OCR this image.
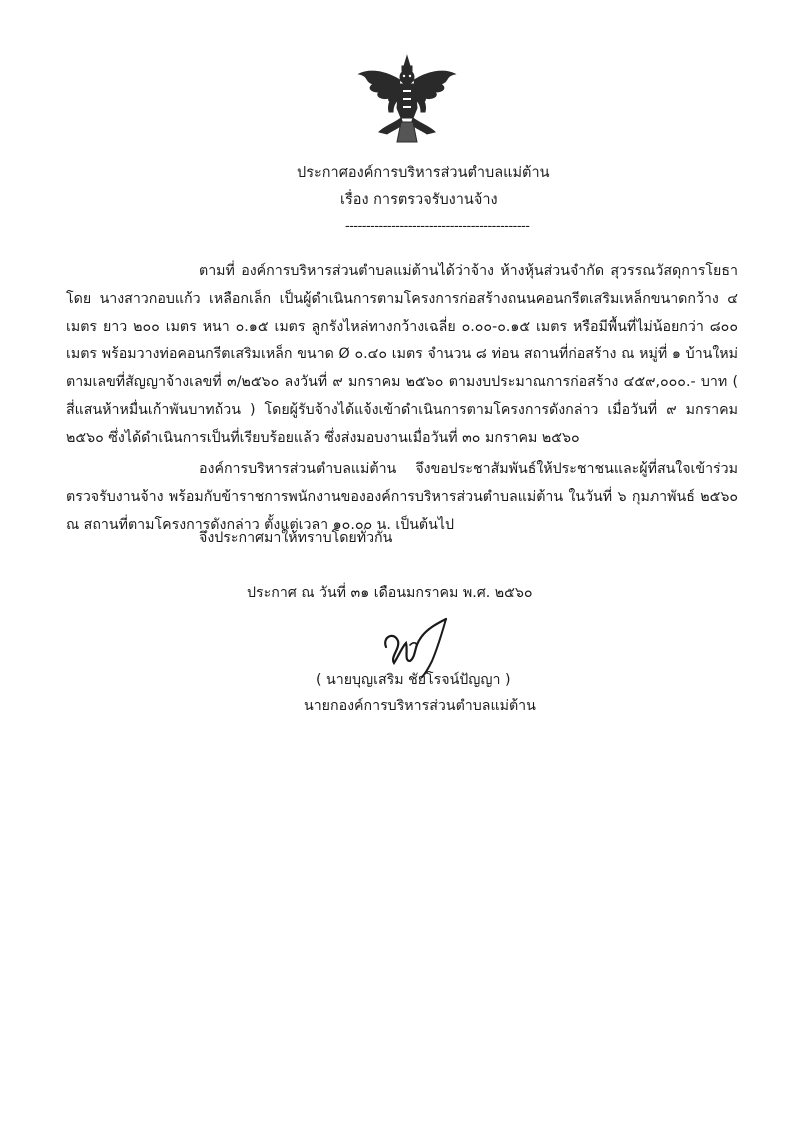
ประกาศองค์การบริหารส่วนตำบลแม่ต้าน
เรื่อง การตรวจรับงานจ้าง
--------------------------------------------

ตามที่ องค์การบริหารส่วนตำบลแม่ต้านได้ว่าจ้าง ห้างหุ้นส่วนจำกัด สุวรรณวัสดุการโยธา โดย นางสาวกอบแก้ว เหลือกเล็ก เป็นผู้ดำเนินการตามโครงการก่อสร้างถนนคอนกรีตเสริมเหล็กขนาดกว้าง ๔ เมตร ยาว ๒๐๐ เมตร หนา ๐.๑๕ เมตร ลูกรังไหล่ทางกว้างเฉลี่ย ๐.๐๐-๐.๑๕ เมตร หรือมีพื้นที่ไม่น้อยกว่า ๘๐๐ เมตร พร้อมวางท่อคอนกรีตเสริมเหล็ก ขนาด Ø ๐.๔๐ เมตร จำนวน ๘ ท่อน สถานที่ก่อสร้าง ณ หมู่ที่ ๑ บ้านใหม่ ตามเลขที่สัญญาจ้างเลขที่ ๓/๒๕๖๐ ลงวันที่ ๙ มกราคม ๒๕๖๐ ตามงบประมาณการก่อสร้าง ๔๕๙,๐๐๐.- บาท ( สี่แสนห้าหมื่นเก้าพันบาทถ้วน ) โดยผู้รับจ้างได้แจ้งเข้าดำเนินการตามโครงการดังกล่าว เมื่อวันที่ ๙ มกราคม ๒๕๖๐ ซึ่งได้ดำเนินการเป็นที่เรียบร้อยแล้ว ซึ่งส่งมอบงานเมื่อวันที่ ๓๐ มกราคม ๒๕๖๐

องค์การบริหารส่วนตำบลแม่ต้าน จึงขอประชาสัมพันธ์ให้ประชาชนและผู้ที่สนใจเข้าร่วม ตรวจรับงานจ้าง พร้อมกับข้าราชการพนักงานขององค์การบริหารส่วนตำบลแม่ต้าน ในวันที่ ๖ กุมภาพันธ์ ๒๕๖๐ ณ สถานที่ตามโครงการดังกล่าว ตั้งแต่เวลา ๑๐.๐๐ น. เป็นต้นไป

จึงประกาศมาให้ทราบโดยทั่วกัน
ประกาศ ณ วันที่ ๓๑ เดือนมกราคม พ.ศ. ๒๕๖๐
( นายบุญเสริม ชัยโรจน์ปัญญา )
นายกองค์การบริหารส่วนตำบลแม่ต้าน
